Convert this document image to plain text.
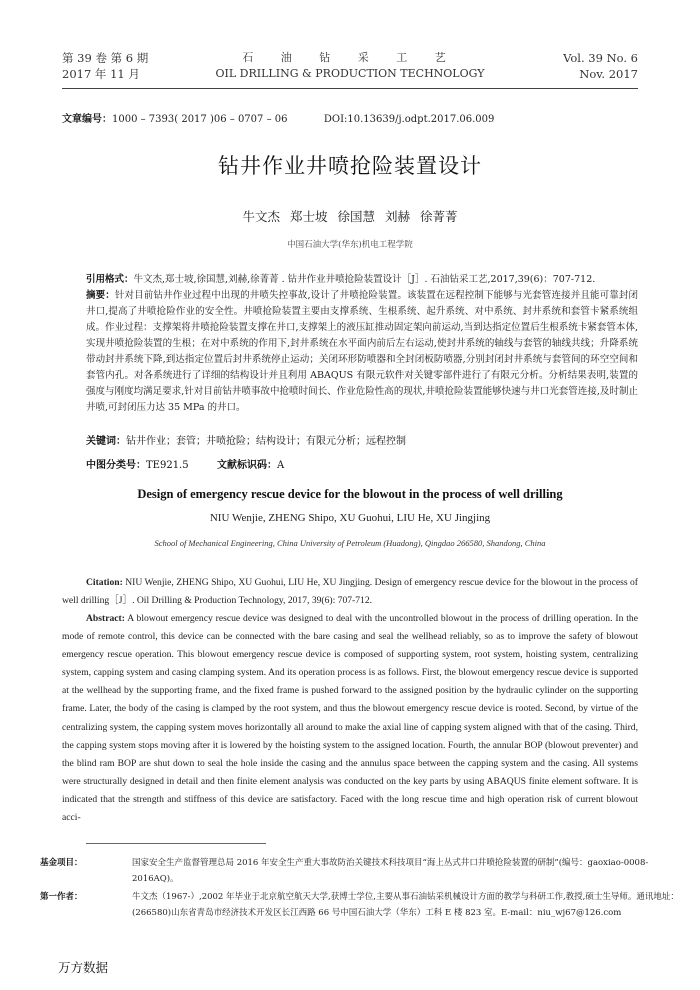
第 39 卷 第 6 期
2017 年 11 月
石 油 钻 采 工 艺
OIL DRILLING & PRODUCTION TECHNOLOGY
Vol. 39 No. 6
Nov. 2017
文章编号：1000 – 7393( 2017 )06 – 0707 – 06	DOI:10.13639/j.odpt.2017.06.009
钻井作业井喷抢险装置设计
牛文杰 郑士坡 徐国慧 刘赫 徐菁菁
中国石油大学(华东)机电工程学院
引用格式：牛文杰,郑士坡,徐国慧,刘赫,徐菁菁 . 钻井作业井喷抢险装置设计［J］. 石油钻采工艺,2017,39(6)：707-712.
摘要：针对目前钻井作业过程中出现的井喷失控事故,设计了井喷抢险装置。该装置在远程控制下能够与光套管连接并且能可靠封闭井口,提高了井喷抢险作业的安全性。井喷抢险装置主要由支撑系统、生根系统、起升系统、对中系统、封井系统和套管卡紧系统组成。作业过程：支撑架将井喷抢险装置支撑在井口,支撑架上的液压缸推动固定架向前运动,当到达指定位置后生根系统卡紧套管本体,实现井喷抢险装置的生根；在对中系统的作用下,封井系统在水平面内前后左右运动,使封井系统的轴线与套管的轴线共线；升降系统带动封井系统下降,到达指定位置后封井系统停止运动；关闭环形防喷器和全封闭板防喷器,分别封闭封井系统与套管间的环空空间和套管内孔。对各系统进行了详细的结构设计并且利用 ABAQUS 有限元软件对关键零部件进行了有限元分析。分析结果表明,装置的强度与刚度均满足要求,针对目前钻井喷事故中抢喷时间长、作业危险性高的现状,井喷抢险装置能够快速与井口光套管连接,及时制止井喷,可封闭压力达 35 MPa 的井口。
关键词：钻井作业；套管；井喷抢险；结构设计；有限元分析；远程控制
中图分类号：TE921.5	文献标识码：A
Design of emergency rescue device for the blowout in the process of well drilling
NIU Wenjie, ZHENG Shipo, XU Guohui, LIU He, XU Jingjing
School of Mechanical Engineering, China University of Petroleum (Huadong), Qingdao 266580, Shandong, China
Citation: NIU Wenjie, ZHENG Shipo, XU Guohui, LIU He, XU Jingjing. Design of emergency rescue device for the blowout in the process of well drilling［J］. Oil Drilling & Production Technology, 2017, 39(6): 707-712.
Abstract: A blowout emergency rescue device was designed to deal with the uncontrolled blowout in the process of drilling operation. In the mode of remote control, this device can be connected with the bare casing and seal the wellhead reliably, so as to improve the safety of blowout emergency rescue operation. This blowout emergency rescue device is composed of supporting system, root system, hoisting system, centralizing system, capping system and casing clamping system. And its operation process is as follows. First, the blowout emergency rescue device is supported at the wellhead by the supporting frame, and the fixed frame is pushed forward to the assigned position by the hydraulic cylinder on the supporting frame. Later, the body of the casing is clamped by the root system, and thus the blowout emergency rescue device is rooted. Second, by virtue of the centralizing system, the capping system moves horizontally all around to make the axial line of capping system aligned with that of the casing. Third, the capping system stops moving after it is lowered by the hoisting system to the assigned location. Fourth, the annular BOP (blowout preventer) and the blind ram BOP are shut down to seal the hole inside the casing and the annulus space between the capping system and the casing. All systems were structurally designed in detail and then finite element analysis was conducted on the key parts by using ABAQUS finite element software. It is indicated that the strength and stiffness of this device are satisfactory. Faced with the long rescue time and high operation risk of current blowout acci-
基金项目：	国家安全生产监督管理总局 2016 年安全生产重大事故防治关键技术科技项目“海上丛式井口井喷抢险装置的研制”(编号：gaoxiao-0008-2016AQ)。
第一作者：	牛文杰（1967-）,2002 年毕业于北京航空航天大学,获博士学位,主要从事石油钻采机械设计方面的教学与科研工作,教授,硕士生导师。通讯地址：(266580)山东省青岛市经济技术开发区长江西路 66 号中国石油大学（华东）工科 E 楼 823 室。E-mail：niu_wj67@126.com
万方数据
